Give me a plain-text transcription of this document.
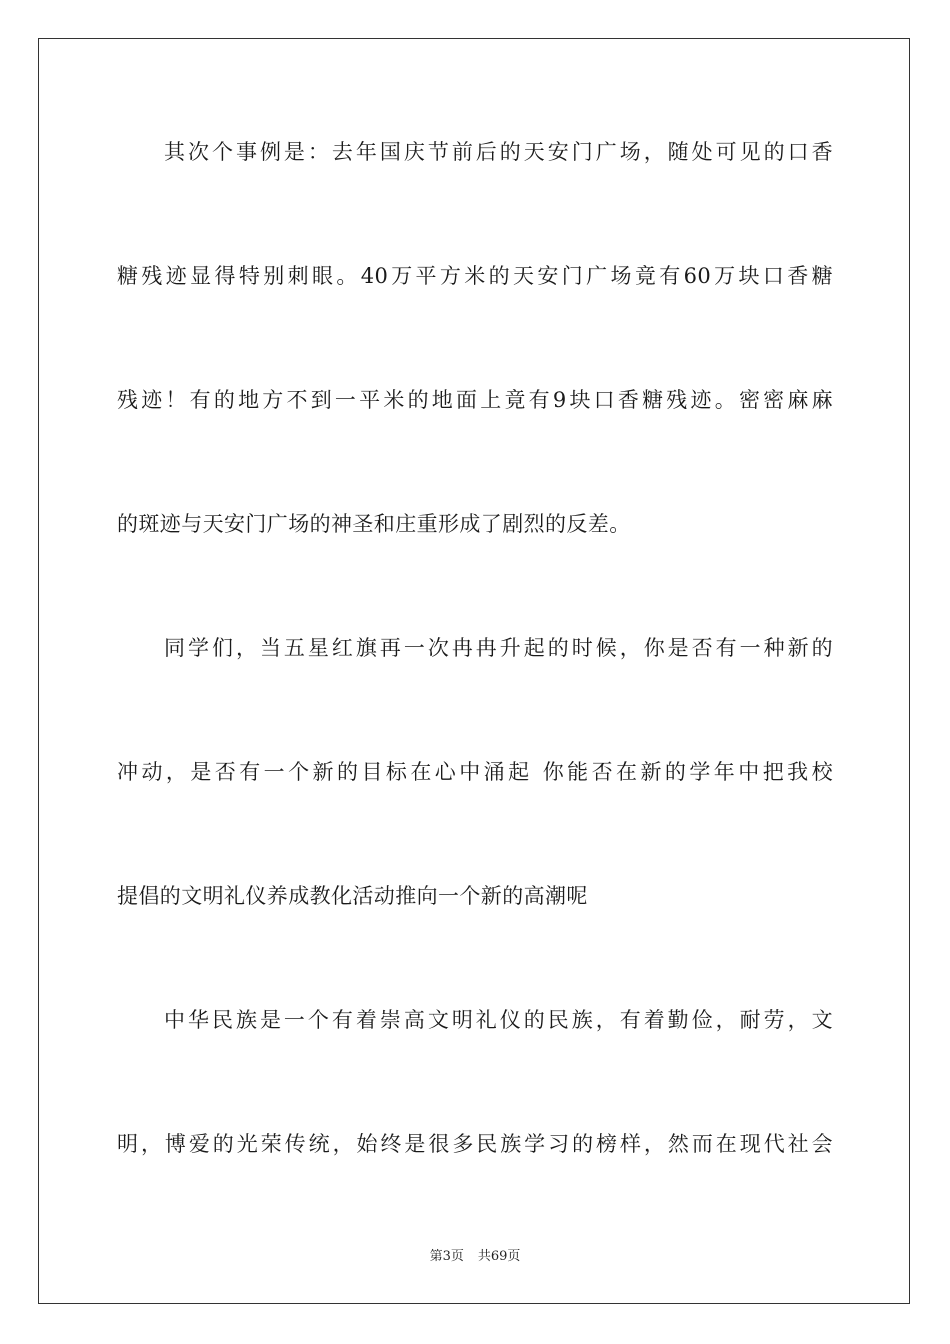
其次个事例是：去年国庆节前后的天安门广场，随处可见的口香
糖残迹显得特别刺眼。40万平方米的天安门广场竟有60万块口香糖
残迹！有的地方不到一平米的地面上竟有9块口香糖残迹。密密麻麻
的斑迹与天安门广场的神圣和庄重形成了剧烈的反差。
同学们，当五星红旗再一次冉冉升起的时候，你是否有一种新的
冲动，是否有一个新的目标在心中涌起 你能否在新的学年中把我校
提倡的文明礼仪养成教化活动推向一个新的高潮呢
中华民族是一个有着崇高文明礼仪的民族，有着勤俭，耐劳，文
明，博爱的光荣传统，始终是很多民族学习的榜样，然而在现代社会
第3页 共69页
